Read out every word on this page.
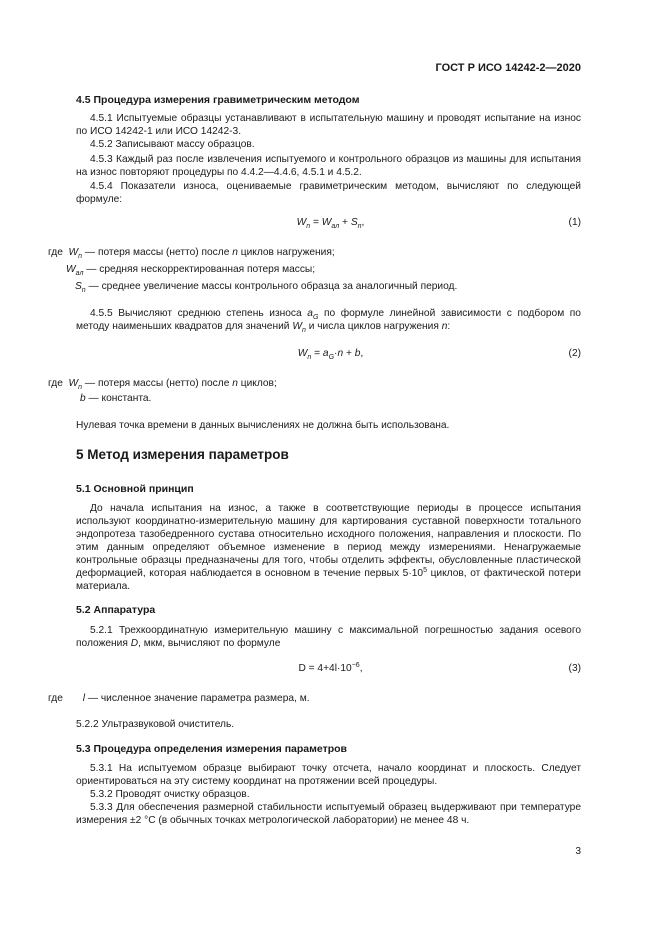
ГОСТ Р ИСО 14242-2—2020
4.5 Процедура измерения гравиметрическим методом
4.5.1 Испытуемые образцы устанавливают в испытательную машину и проводят испытание на износ по ИСО 14242-1 или ИСО 14242-3.
4.5.2 Записывают массу образцов.
4.5.3 Каждый раз после извлечения испытуемого и контрольного образцов из машины для испытания на износ повторяют процедуры по 4.4.2—4.4.6, 4.5.1 и 4.5.2.
4.5.4 Показатели износа, оцениваемые гравиметрическим методом, вычисляют по следующей формуле:
$W_n = W_{ал} + S_n$,	(1)
где $W_n$ — потеря массы (нетто) после n циклов нагружения;
$W_{ал}$ — средняя нескорректированная потеря массы;
$S_n$ — среднее увеличение массы контрольного образца за аналогичный период.
4.5.5 Вычисляют среднюю степень износа $a_G$ по формуле линейной зависимости с подбором по методу наименьших квадратов для значений $W_n$ и числа циклов нагружения n:
$W_n = a_G\cdot n + b$,	(2)
где $W_n$ — потеря массы (нетто) после n циклов;
b — константа.
Нулевая точка времени в данных вычислениях не должна быть использована.
5 Метод измерения параметров
5.1 Основной принцип
До начала испытания на износ, а также в соответствующие периоды в процессе испытания используют координатно-измерительную машину для картирования суставной поверхности тотального эндопротеза тазобедренного сустава относительно исходного положения, направления и плоскости. По этим данным определяют объемное изменение в период между измерениями. Ненагружаемые контрольные образцы предназначены для того, чтобы отделить эффекты, обусловленные пластической деформацией, которая наблюдается в основном в течение первых $5\cdot 10^5$ циклов, от фактической потери материала.
5.2 Аппаратура
5.2.1 Трехкоординатную измерительную машину с максимальной погрешностью задания осевого положения D, мкм, вычисляют по формуле
$D = 4+4l\cdot 10^{-6}$,	(3)
где l — численное значение параметра размера, м.
5.2.2 Ультразвуковой очиститель.
5.3 Процедура определения измерения параметров
5.3.1 На испытуемом образце выбирают точку отсчета, начало координат и плоскость. Следует ориентироваться на эту систему координат на протяжении всей процедуры.
5.3.2 Проводят очистку образцов.
5.3.3 Для обеспечения размерной стабильности испытуемый образец выдерживают при температуре измерения ±2 °С (в обычных точках метрологической лаборатории) не менее 48 ч.
3
